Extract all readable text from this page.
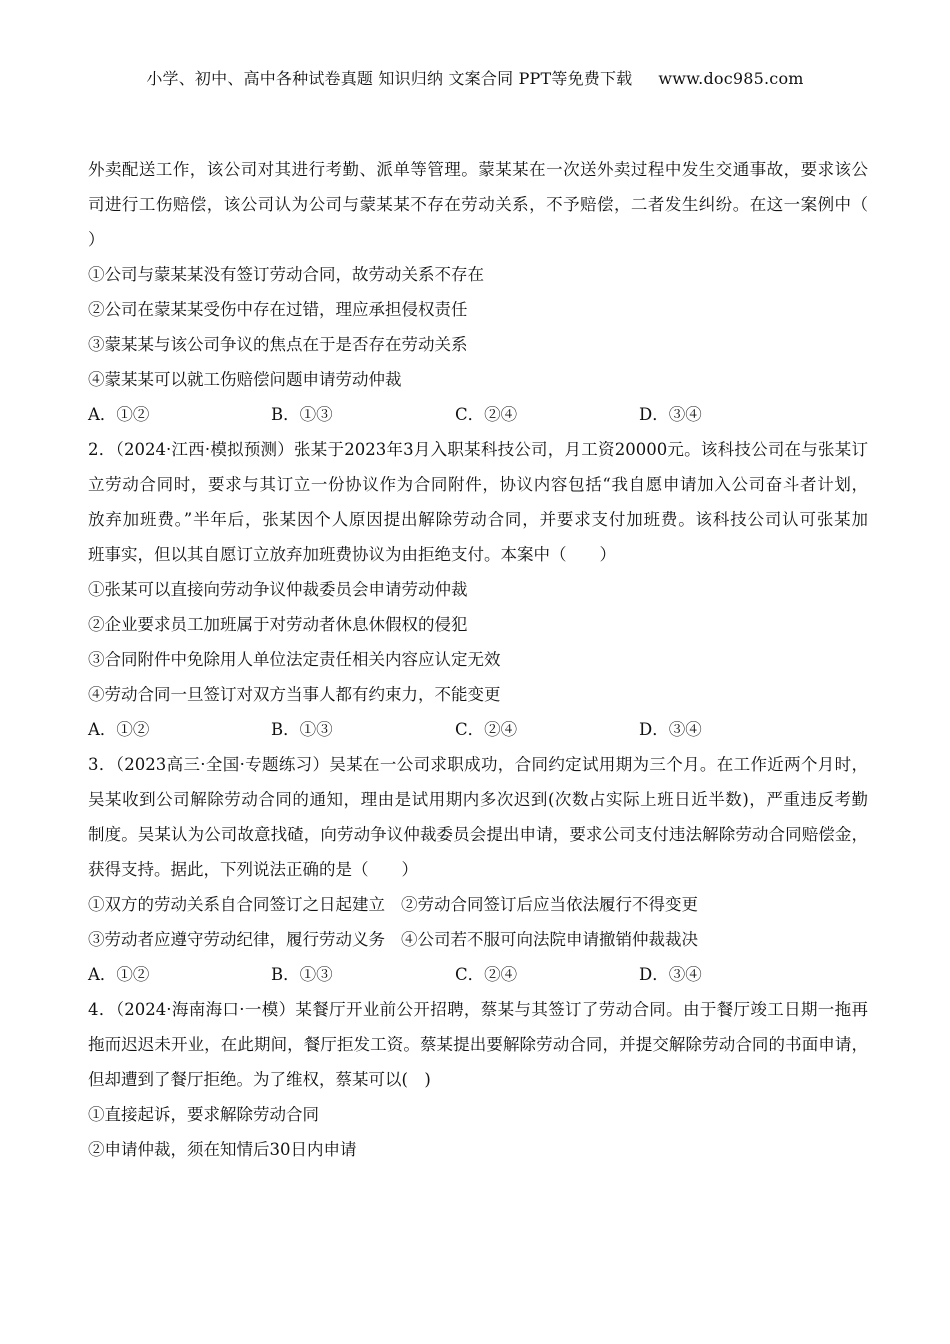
小学、初中、高中各种试卷真题 知识归纳 文案合同 PPT等免费下载 www.doc985.com
外卖配送工作，该公司对其进行考勤、派单等管理。蒙某某在一次送外卖过程中发生交通事故，要求该公
司进行工伤赔偿，该公司认为公司与蒙某某不存在劳动关系，不予赔偿，二者发生纠纷。在这一案例中（
）
①公司与蒙某某没有签订劳动合同，故劳动关系不存在
②公司在蒙某某受伤中存在过错，理应承担侵权责任
③蒙某某与该公司争议的焦点在于是否存在劳动关系
④蒙某某可以就工伤赔偿问题申请劳动仲裁
A．①②	B．①③	C．②④	D．③④
2．（2024·江西·模拟预测）张某于2023年3月入职某科技公司，月工资20000元。该科技公司在与张某订
立劳动合同时，要求与其订立一份协议作为合同附件，协议内容包括“我自愿申请加入公司奋斗者计划，
放弃加班费。”半年后，张某因个人原因提出解除劳动合同，并要求支付加班费。该科技公司认可张某加
班事实，但以其自愿订立放弃加班费协议为由拒绝支付。本案中（　　）
①张某可以直接向劳动争议仲裁委员会申请劳动仲裁
②企业要求员工加班属于对劳动者休息休假权的侵犯
③合同附件中免除用人单位法定责任相关内容应认定无效
④劳动合同一旦签订对双方当事人都有约束力，不能变更
A．①②	B．①③	C．②④	D．③④
3．（2023高三·全国·专题练习）吴某在一公司求职成功，合同约定试用期为三个月。在工作近两个月时，
吴某收到公司解除劳动合同的通知，理由是试用期内多次迟到(次数占实际上班日近半数)，严重违反考勤
制度。吴某认为公司故意找碴，向劳动争议仲裁委员会提出申请，要求公司支付违法解除劳动合同赔偿金，
获得支持。据此，下列说法正确的是（　　）
①双方的劳动关系自合同签订之日起建立 ②劳动合同签订后应当依法履行不得变更
③劳动者应遵守劳动纪律，履行劳动义务 ④公司若不服可向法院申请撤销仲裁裁决
A．①②	B．①③	C．②④	D．③④
4．（2024·海南海口·一模）某餐厅开业前公开招聘，蔡某与其签订了劳动合同。由于餐厅竣工日期一拖再
拖而迟迟未开业，在此期间，餐厅拒发工资。蔡某提出要解除劳动合同，并提交解除劳动合同的书面申请，
但却遭到了餐厅拒绝。为了维权，蔡某可以(　)
①直接起诉，要求解除劳动合同
②申请仲裁，须在知情后30日内申请
